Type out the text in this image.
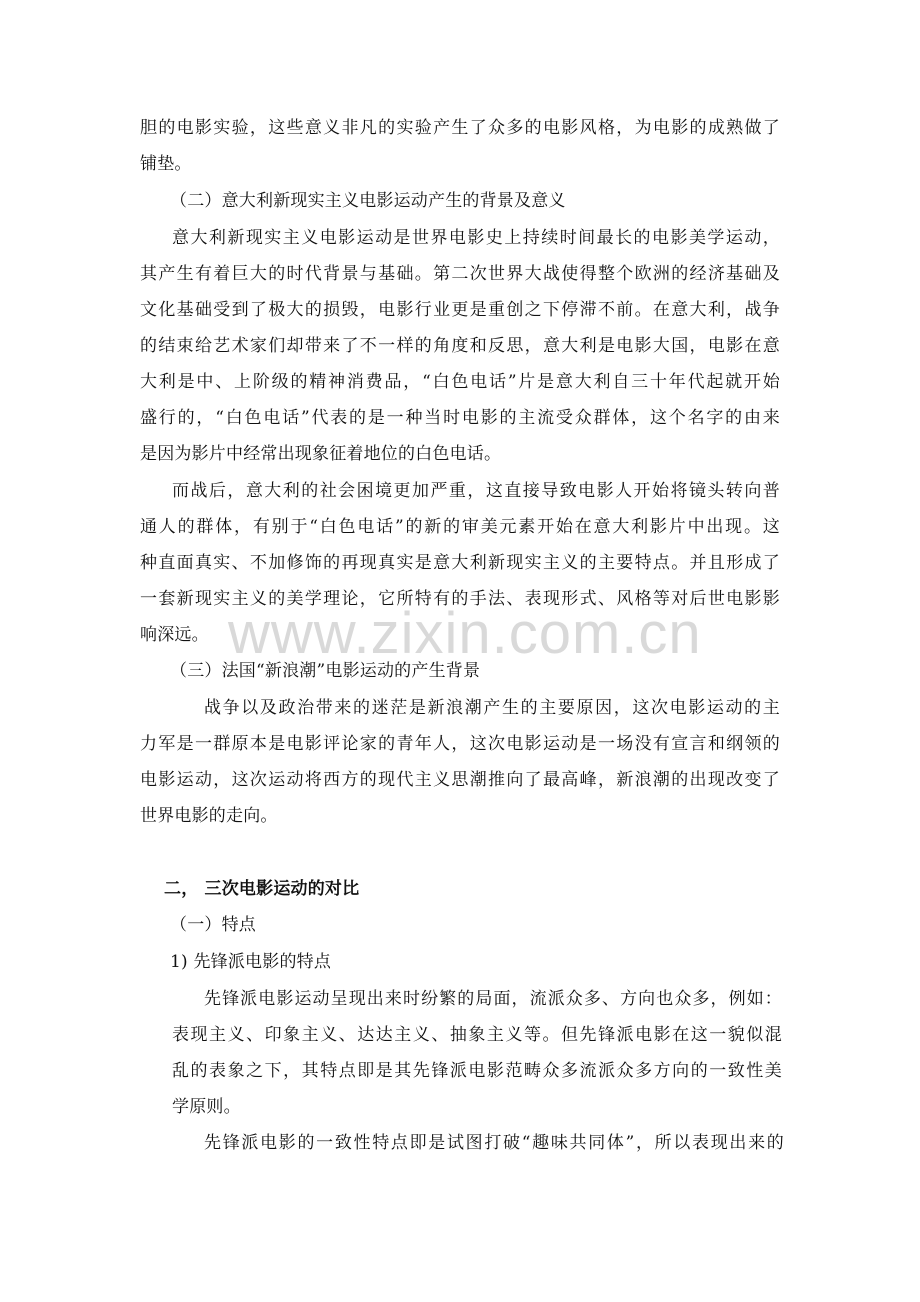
www.zixin.com.cn
胆的电影实验，这些意义非凡的实验产生了众多的电影风格，为电影的成熟做了
铺垫。
（二）意大利新现实主义电影运动产生的背景及意义
意大利新现实主义电影运动是世界电影史上持续时间最长的电影美学运动，
其产生有着巨大的时代背景与基础。第二次世界大战使得整个欧洲的经济基础及
文化基础受到了极大的损毁，电影行业更是重创之下停滞不前。在意大利，战争
的结束给艺术家们却带来了不一样的角度和反思，意大利是电影大国，电影在意
大利是中、上阶级的精神消费品，“白色电话”片是意大利自三十年代起就开始
盛行的，“白色电话”代表的是一种当时电影的主流受众群体，这个名字的由来
是因为影片中经常出现象征着地位的白色电话。
而战后，意大利的社会困境更加严重，这直接导致电影人开始将镜头转向普
通人的群体，有别于“白色电话”的新的审美元素开始在意大利影片中出现。这
种直面真实、不加修饰的再现真实是意大利新现实主义的主要特点。并且形成了
一套新现实主义的美学理论，它所特有的手法、表现形式、风格等对后世电影影
响深远。
（三）法国“新浪潮”电影运动的产生背景
战争以及政治带来的迷茫是新浪潮产生的主要原因，这次电影运动的主
力军是一群原本是电影评论家的青年人，这次电影运动是一场没有宣言和纲领的
电影运动，这次运动将西方的现代主义思潮推向了最高峰，新浪潮的出现改变了
世界电影的走向。
二， 三次电影运动的对比
（一）特点
1) 先锋派电影的特点
先锋派电影运动呈现出来时纷繁的局面，流派众多、方向也众多，例如：
表现主义、印象主义、达达主义、抽象主义等。但先锋派电影在这一貌似混
乱的表象之下，其特点即是其先锋派电影范畴众多流派众多方向的一致性美
学原则。
先锋派电影的一致性特点即是试图打破“趣味共同体”，所以表现出来的
